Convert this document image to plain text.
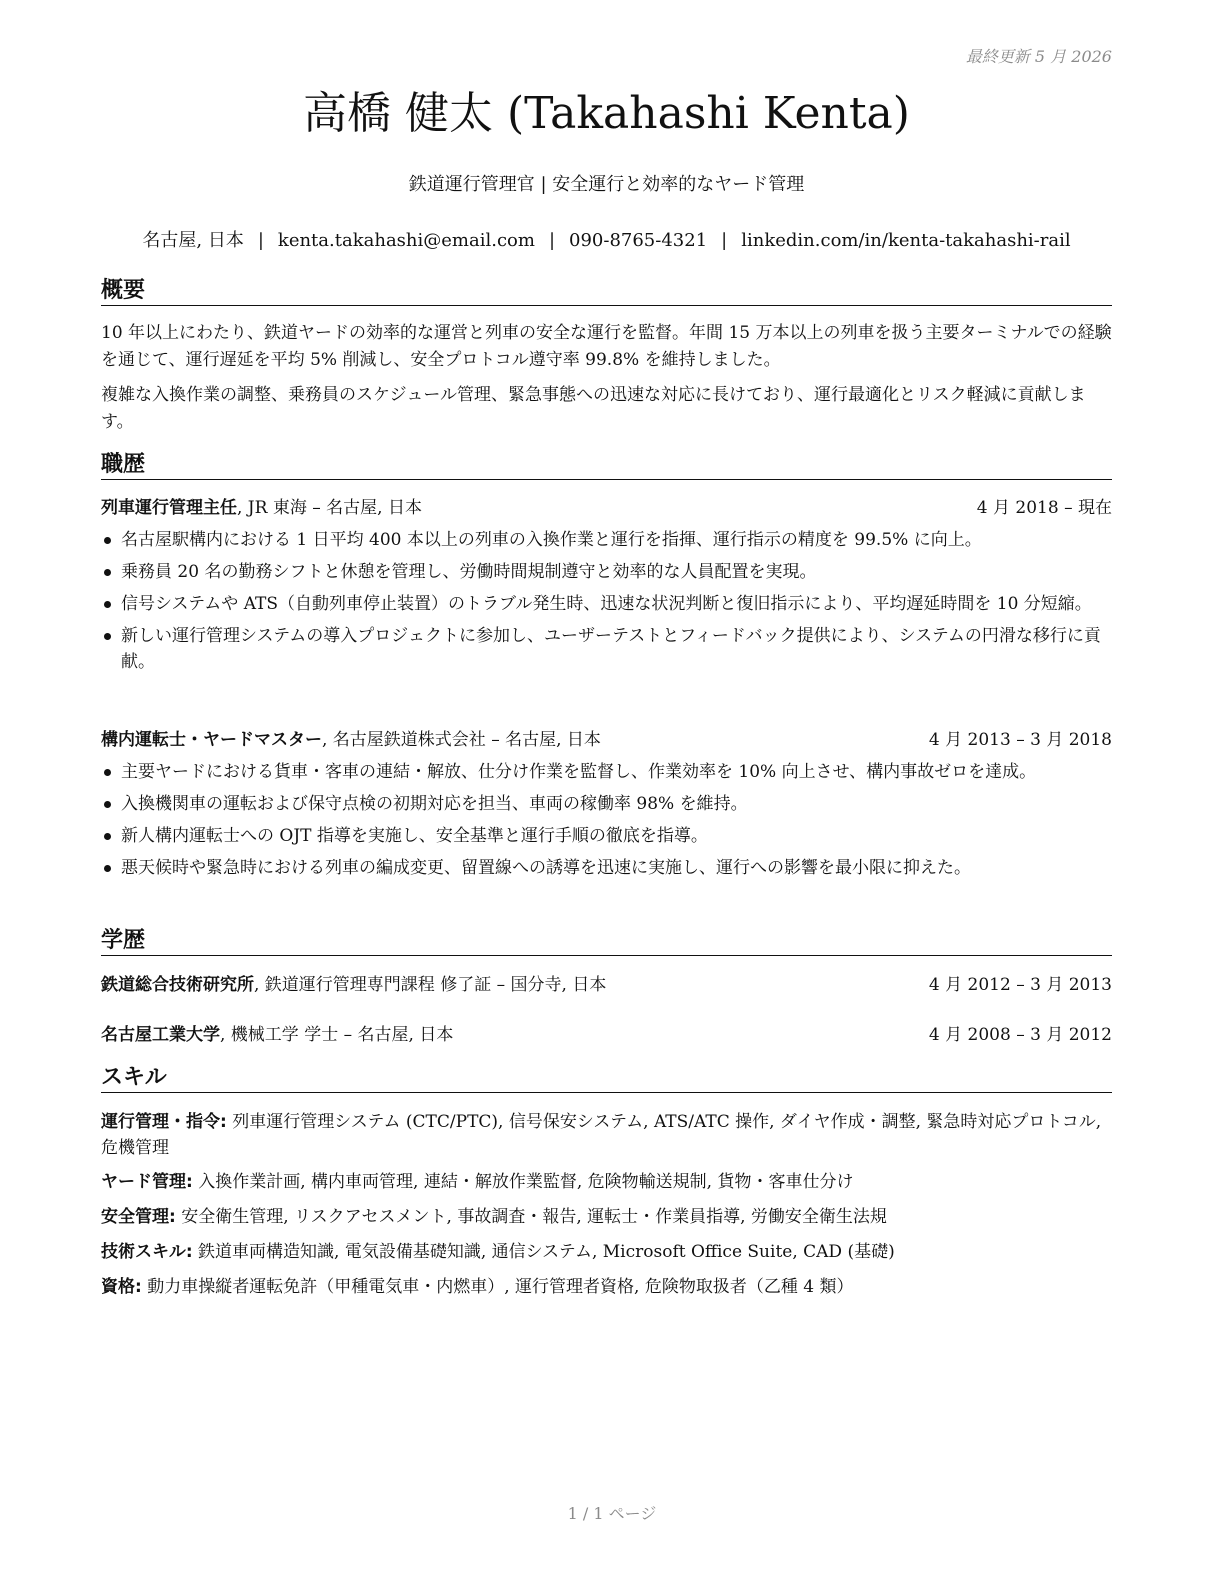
最終更新 5 月 2026
高橋 健太 (Takahashi Kenta)
鉄道運行管理官 | 安全運行と効率的なヤード管理
名古屋, 日本 | kenta.takahashi@email.com | 090-8765-4321 | linkedin.com/in/kenta-takahashi-rail
概要
10 年以上にわたり、鉄道ヤードの効率的な運営と列車の安全な運行を監督。年間 15 万本以上の列車を扱う主要ターミナルでの経験を通じて、運行遅延を平均 5% 削減し、安全プロトコル遵守率 99.8% を維持しました。
複雑な入換作業の調整、乗務員のスケジュール管理、緊急事態への迅速な対応に長けており、運行最適化とリスク軽減に貢献します。
職歴
列車運行管理主任, JR 東海 – 名古屋, 日本	4 月 2018 – 現在
名古屋駅構内における 1 日平均 400 本以上の列車の入換作業と運行を指揮、運行指示の精度を 99.5% に向上。
乗務員 20 名の勤務シフトと休憩を管理し、労働時間規制遵守と効率的な人員配置を実現。
信号システムや ATS（自動列車停止装置）のトラブル発生時、迅速な状況判断と復旧指示により、平均遅延時間を 10 分短縮。
新しい運行管理システムの導入プロジェクトに参加し、ユーザーテストとフィードバック提供により、システムの円滑な移行に貢献。
構内運転士・ヤードマスター, 名古屋鉄道株式会社 – 名古屋, 日本	4 月 2013 – 3 月 2018
主要ヤードにおける貨車・客車の連結・解放、仕分け作業を監督し、作業効率を 10% 向上させ、構内事故ゼロを達成。
入換機関車の運転および保守点検の初期対応を担当、車両の稼働率 98% を維持。
新人構内運転士への OJT 指導を実施し、安全基準と運行手順の徹底を指導。
悪天候時や緊急時における列車の編成変更、留置線への誘導を迅速に実施し、運行への影響を最小限に抑えた。
学歴
鉄道総合技術研究所, 鉄道運行管理専門課程 修了証 – 国分寺, 日本	4 月 2012 – 3 月 2013
名古屋工業大学, 機械工学 学士 – 名古屋, 日本	4 月 2008 – 3 月 2012
スキル
運行管理・指令: 列車運行管理システム (CTC/PTC), 信号保安システム, ATS/ATC 操作, ダイヤ作成・調整, 緊急時対応プロトコル, 危機管理
ヤード管理: 入換作業計画, 構内車両管理, 連結・解放作業監督, 危険物輸送規制, 貨物・客車仕分け
安全管理: 安全衛生管理, リスクアセスメント, 事故調査・報告, 運転士・作業員指導, 労働安全衛生法規
技術スキル: 鉄道車両構造知識, 電気設備基礎知識, 通信システム, Microsoft Office Suite, CAD (基礎)
資格: 動力車操縦者運転免許（甲種電気車・内燃車）, 運行管理者資格, 危険物取扱者（乙種 4 類）
1 / 1 ページ
